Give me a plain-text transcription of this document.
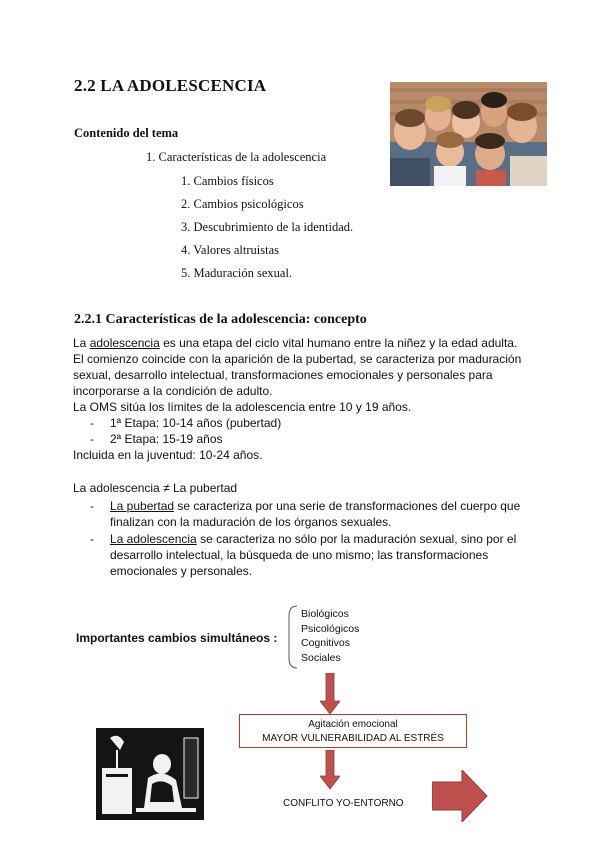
2.2 LA ADOLESCENCIA
Contenido del tema
1. Características de la adolescencia
1. Cambios físicos
2. Cambios psicológicos
3. Descubrimiento de la identidad.
4. Valores altruistas
5. Maduración sexual.
2.2.1 Características de la adolescencia: concepto
La adolescencia es una etapa del ciclo vital humano entre la niñez y la edad adulta.
El comienzo coincide con la aparición de la pubertad, se caracteriza por maduración
sexual, desarrollo intelectual, transformaciones emocionales y personales para
incorporarse a la condición de adulto.
La OMS sitúa los límites de la adolescencia entre 10 y 19 años.
- 1ª Etapa: 10-14 años (pubertad)
- 2ª Etapa: 15-19 años
Incluida en la juventud: 10-24 años.
La adolescencia ≠ La pubertad
- La pubertad se caracteriza por una serie de transformaciones del cuerpo que
finalizan con la maduración de los órganos sexuales.
- La adolescencia se caracteriza no sólo por la maduración sexual, sino por el
desarrollo intelectual, la búsqueda de uno mismo; las transformaciones
emocionales y personales.
Importantes cambios simultáneos :
Biológicos
Psicológicos
Cognitivos
Sociales
Agitación emocional
MAYOR VULNERABILIDAD AL ESTRÉS
CONFLITO YO-ENTORNO
